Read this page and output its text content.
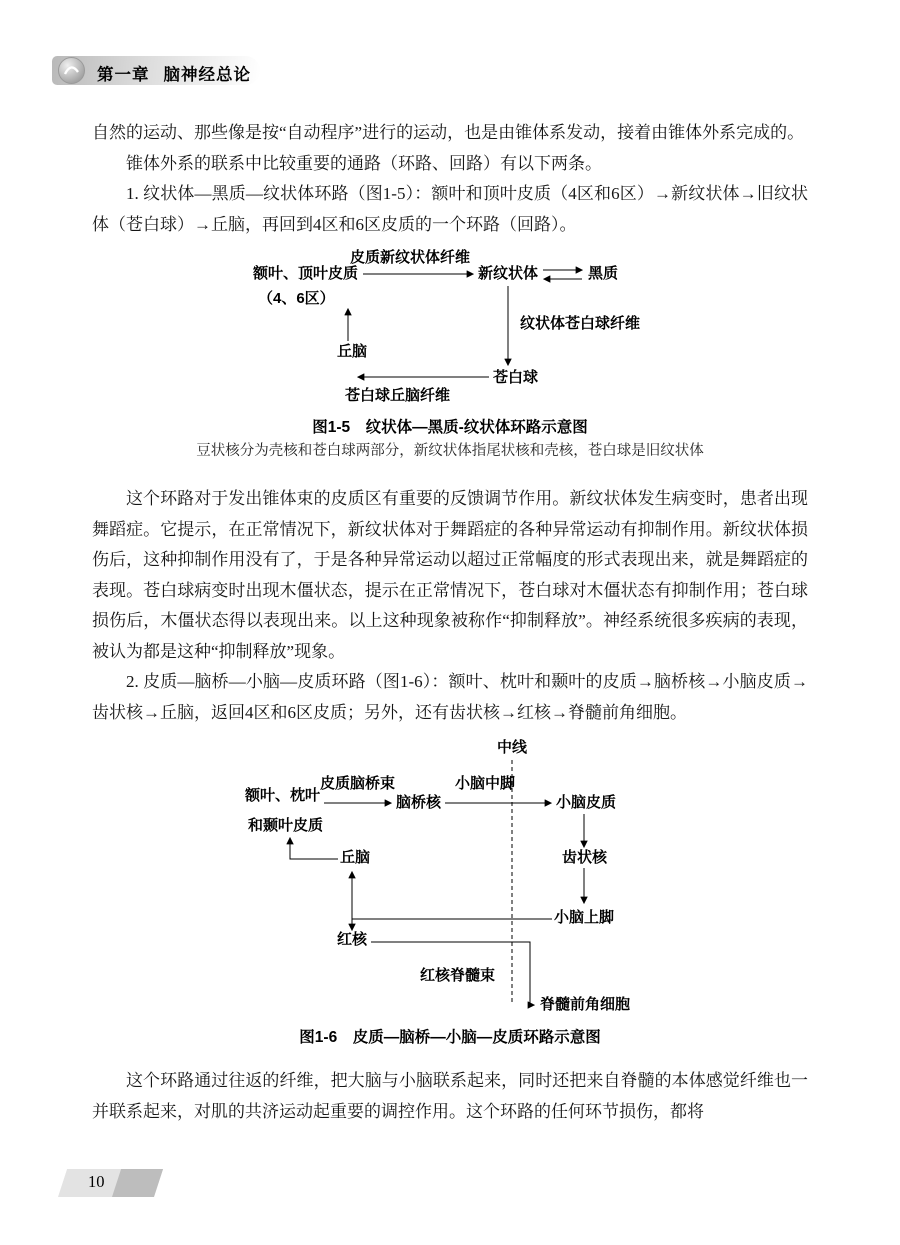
第一章 脑神经总论

自然的运动、那些像是按“自动程序”进行的运动，也是由锥体系发动，接着由锥体外系完成的。

锥体外系的联系中比较重要的通路（环路、回路）有以下两条。

1. 纹状体—黑质—纹状体环路（图1-5）：额叶和顶叶皮质（4区和6区）→新纹状体→旧纹状体（苍白球）→丘脑，再回到4区和6区皮质的一个环路（回路）。

皮质新纹状体纤维
额叶、顶叶皮质	新纹状体	黑质
（4、6区）
纹状体苍白球纤维
丘脑
苍白球
苍白球丘脑纤维
图1-5　纹状体—黑质-纹状体环路示意图
豆状核分为壳核和苍白球两部分，新纹状体指尾状核和壳核，苍白球是旧纹状体

这个环路对于发出锥体束的皮质区有重要的反馈调节作用。新纹状体发生病变时，患者出现舞蹈症。它提示，在正常情况下，新纹状体对于舞蹈症的各种异常运动有抑制作用。新纹状体损伤后，这种抑制作用没有了，于是各种异常运动以超过正常幅度的形式表现出来，就是舞蹈症的表现。苍白球病变时出现木僵状态，提示在正常情况下，苍白球对木僵状态有抑制作用；苍白球损伤后，木僵状态得以表现出来。以上这种现象被称作“抑制释放”。神经系统很多疾病的表现，被认为都是这种“抑制释放”现象。

2. 皮质—脑桥—小脑—皮质环路（图1-6）：额叶、枕叶和颞叶的皮质→脑桥核→小脑皮质→齿状核→丘脑，返回4区和6区皮质；另外，还有齿状核→红核→脊髓前角细胞。

中线
额叶、枕叶
和颞叶皮质
皮质脑桥束
脑桥核
小脑中脚
小脑皮质
齿状核
小脑上脚
丘脑
红核
红核脊髓束
脊髓前角细胞
图1-6　皮质—脑桥—小脑—皮质环路示意图

这个环路通过往返的纤维，把大脑与小脑联系起来，同时还把来自脊髓的本体感觉纤维也一并联系起来，对肌的共济运动起重要的调控作用。这个环路的任何环节损伤，都将

10
